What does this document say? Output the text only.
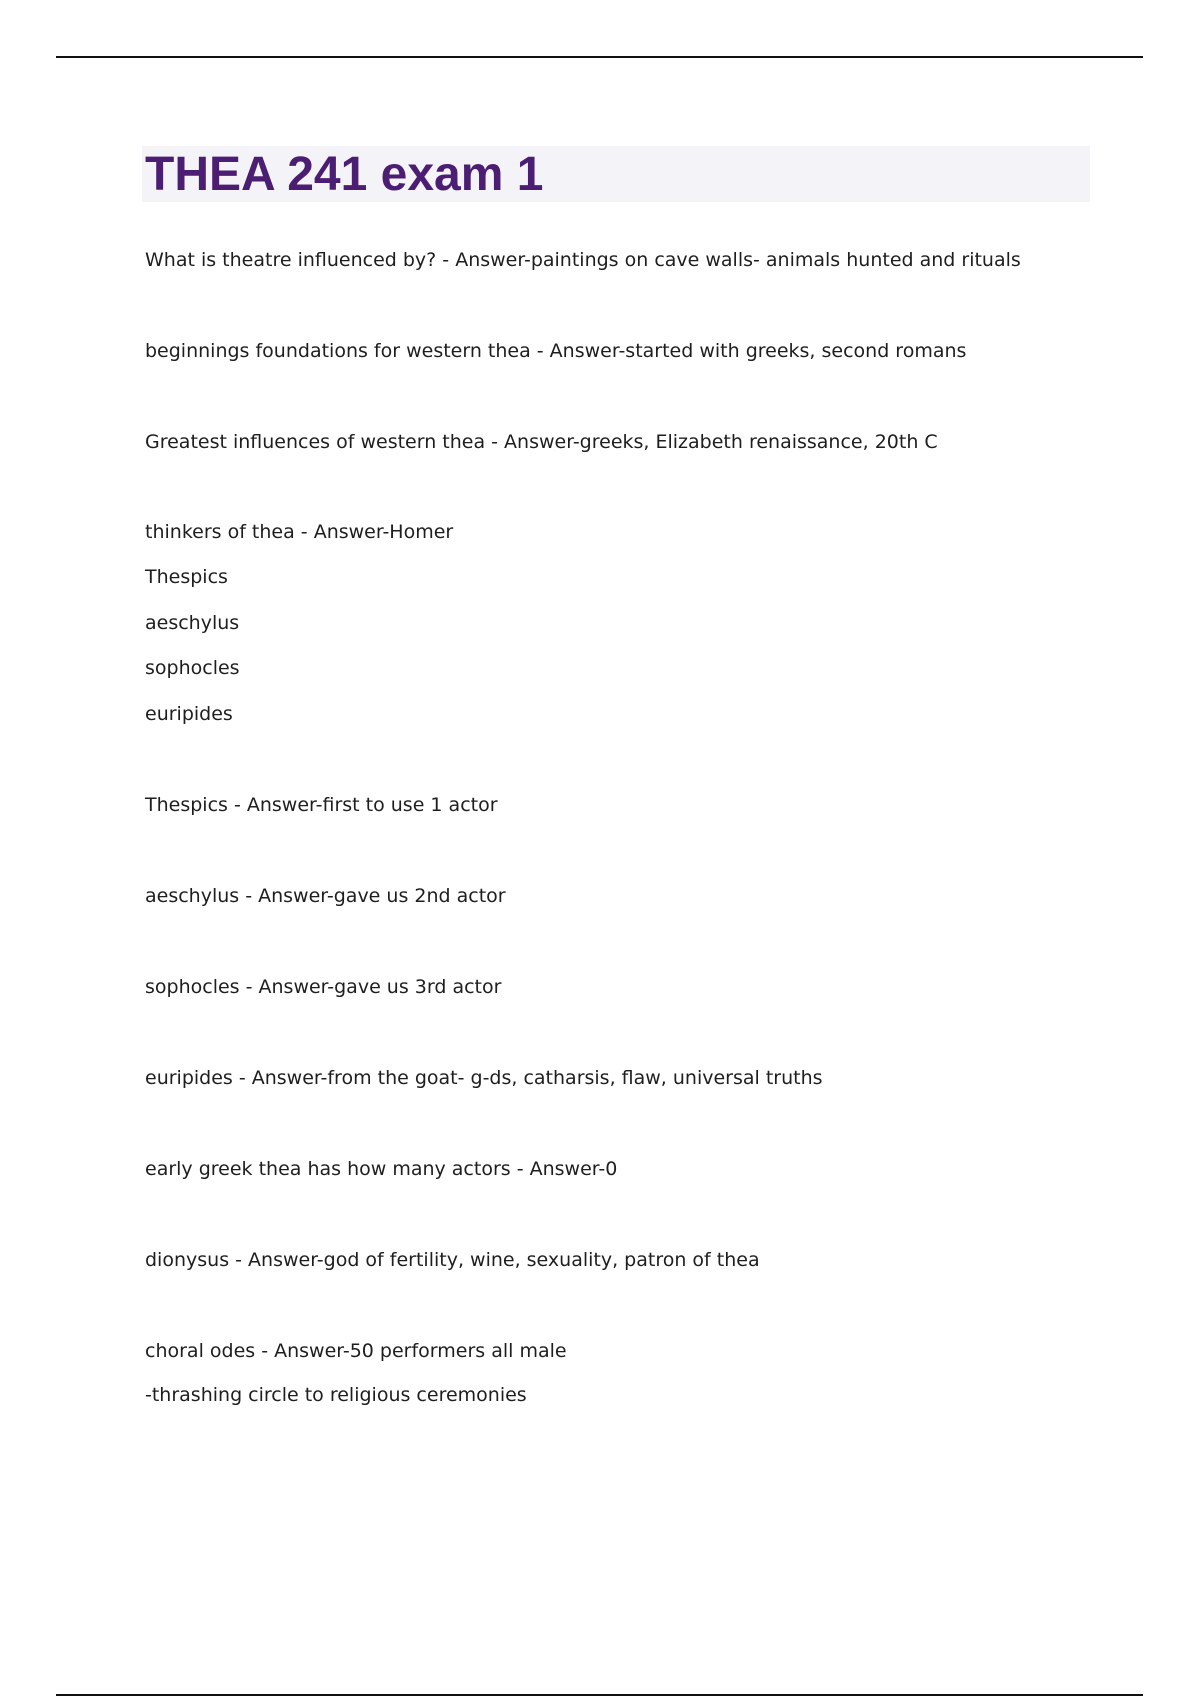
THEA 241 exam 1
What is theatre influenced by? - Answer-paintings on cave walls- animals hunted and rituals
beginnings foundations for western thea - Answer-started with greeks, second romans
Greatest influences of western thea - Answer-greeks, Elizabeth renaissance, 20th C
thinkers of thea - Answer-Homer
Thespics
aeschylus
sophocles
euripides
Thespics - Answer-first to use 1 actor
aeschylus - Answer-gave us 2nd actor
sophocles - Answer-gave us 3rd actor
euripides - Answer-from the goat- g-ds, catharsis, flaw, universal truths
early greek thea has how many actors - Answer-0
dionysus - Answer-god of fertility, wine, sexuality, patron of thea
choral odes - Answer-50 performers all male
-thrashing circle to religious ceremonies
